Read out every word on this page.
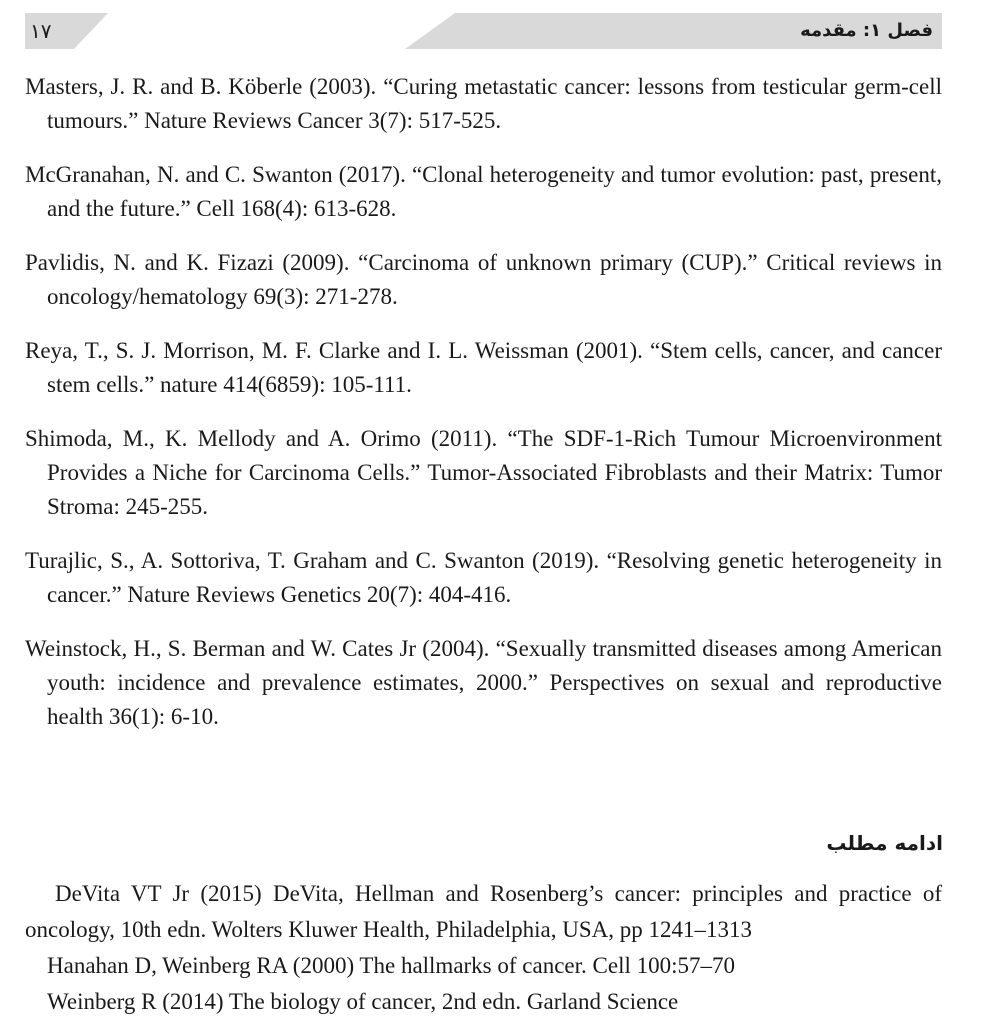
۱۷	فصل ۱: مقدمه

Masters, J. R. and B. Köberle (2003). “Curing metastatic cancer: lessons from testicular germ-cell tumours.” Nature Reviews Cancer 3(7): 517-525.

McGranahan, N. and C. Swanton (2017). “Clonal heterogeneity and tumor evolution: past, present, and the future.” Cell 168(4): 613-628.

Pavlidis, N. and K. Fizazi (2009). “Carcinoma of unknown primary (CUP).” Critical reviews in oncology/hematology 69(3): 271-278.

Reya, T., S. J. Morrison, M. F. Clarke and I. L. Weissman (2001). “Stem cells, cancer, and cancer stem cells.” nature 414(6859): 105-111.

Shimoda, M., K. Mellody and A. Orimo (2011). “The SDF-1-Rich Tumour Microenvironment Provides a Niche for Carcinoma Cells.” Tumor-Associated Fibroblasts and their Matrix: Tumor Stroma: 245-255.

Turajlic, S., A. Sottoriva, T. Graham and C. Swanton (2019). “Resolving genetic heterogeneity in cancer.” Nature Reviews Genetics 20(7): 404-416.

Weinstock, H., S. Berman and W. Cates Jr (2004). “Sexually transmitted diseases among American youth: incidence and prevalence estimates, 2000.” Perspectives on sexual and reproductive health 36(1): 6-10.

ادامه مطلب

DeVita VT Jr (2015) DeVita, Hellman and Rosenberg’s cancer: principles and practice of oncology, 10th edn. Wolters Kluwer Health, Philadelphia, USA, pp 1241–1313

Hanahan D, Weinberg RA (2000) The hallmarks of cancer. Cell 100:57–70

Weinberg R (2014) The biology of cancer, 2nd edn. Garland Science
